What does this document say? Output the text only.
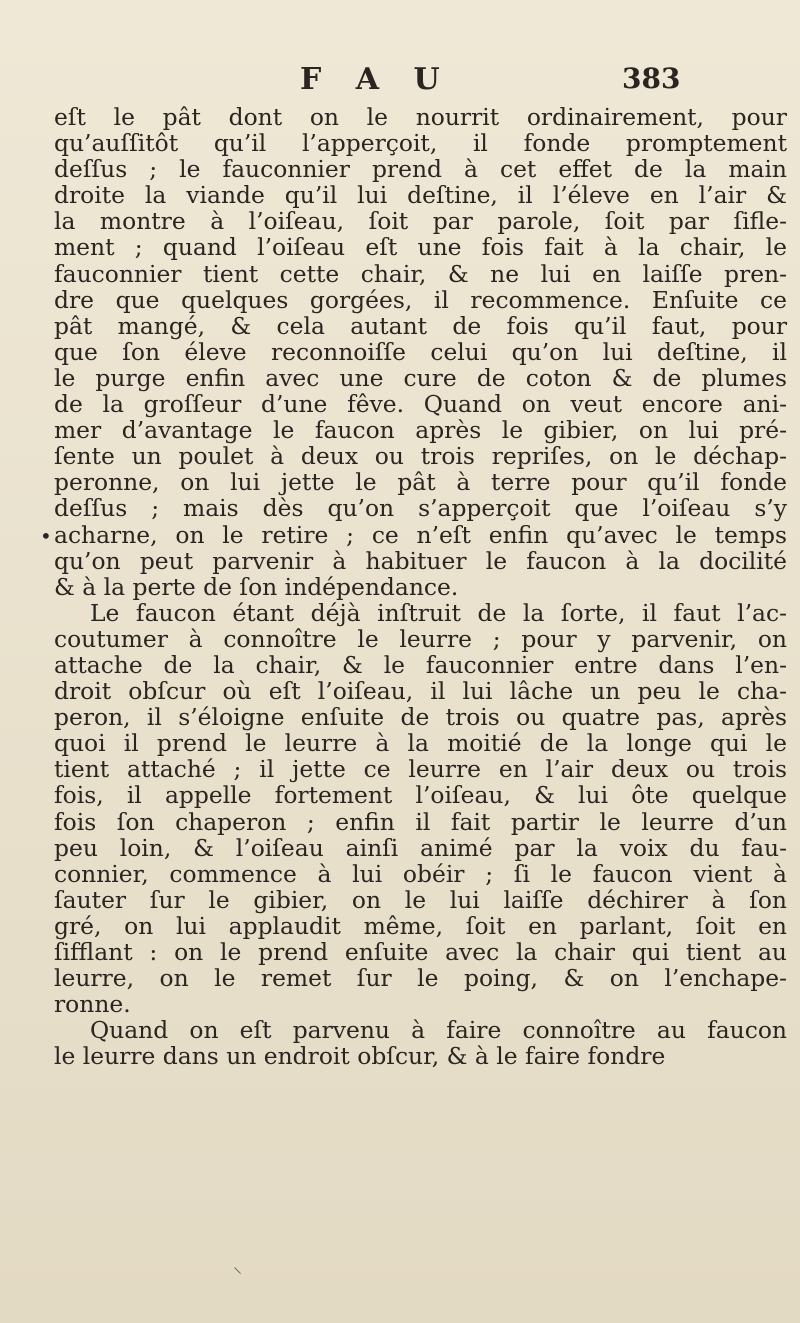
F A U	383
•
eſt le pât dont on le nourrit ordinairement, pour
qu’auſſitôt qu’il l’apperçoit, il fonde promptement
deſſus ; le fauconnier prend à cet effet de la main
droite la viande qu’il lui deſtine, il l’éleve en l’air &
la montre à l’oiſeau, ſoit par parole, ſoit par ſifle-
ment ; quand l’oiſeau eſt une fois fait à la chair, le
fauconnier tient cette chair, & ne lui en laiſſe pren-
dre que quelques gorgées, il recommence. Enſuite ce
pât mangé, & cela autant de fois qu’il faut, pour
que ſon éleve reconnoiſſe celui qu’on lui deſtine, il
le purge enfin avec une cure de coton & de plumes
de la groſſeur d’une fêve. Quand on veut encore ani-
mer d’avantage le faucon après le gibier, on lui pré-
ſente un poulet à deux ou trois repriſes, on le déchap-
peronne, on lui jette le pât à terre pour qu’il fonde
deſſus ; mais dès qu’on s’apperçoit que l’oiſeau s’y
acharne, on le retire ; ce n’eſt enfin qu’avec le temps
qu’on peut parvenir à habituer le faucon à la docilité
& à la perte de ſon indépendance.
Le faucon étant déjà inſtruit de la ſorte, il faut l’ac-
coutumer à connoître le leurre ; pour y parvenir, on
attache de la chair, & le fauconnier entre dans l’en-
droit obſcur où eſt l’oiſeau, il lui lâche un peu le cha-
peron, il s’éloigne enſuite de trois ou quatre pas, après
quoi il prend le leurre à la moitié de la longe qui le
tient attaché ; il jette ce leurre en l’air deux ou trois
fois, il appelle fortement l’oiſeau, & lui ôte quelque
fois ſon chaperon ; enfin il fait partir le leurre d’un
peu loin, & l’oiſeau ainſi animé par la voix du fau-
connier, commence à lui obéir ; ſi le faucon vient à
ſauter ſur le gibier, on le lui laiſſe déchirer à ſon
gré, on lui applaudit même, ſoit en parlant, ſoit en
ſifflant : on le prend enſuite avec la chair qui tient au
leurre, on le remet ſur le poing, & on l’enchape-
ronne.
Quand on eſt parvenu à faire connoître au faucon
le leurre dans un endroit obſcur, & à le faire fondre
⸌
